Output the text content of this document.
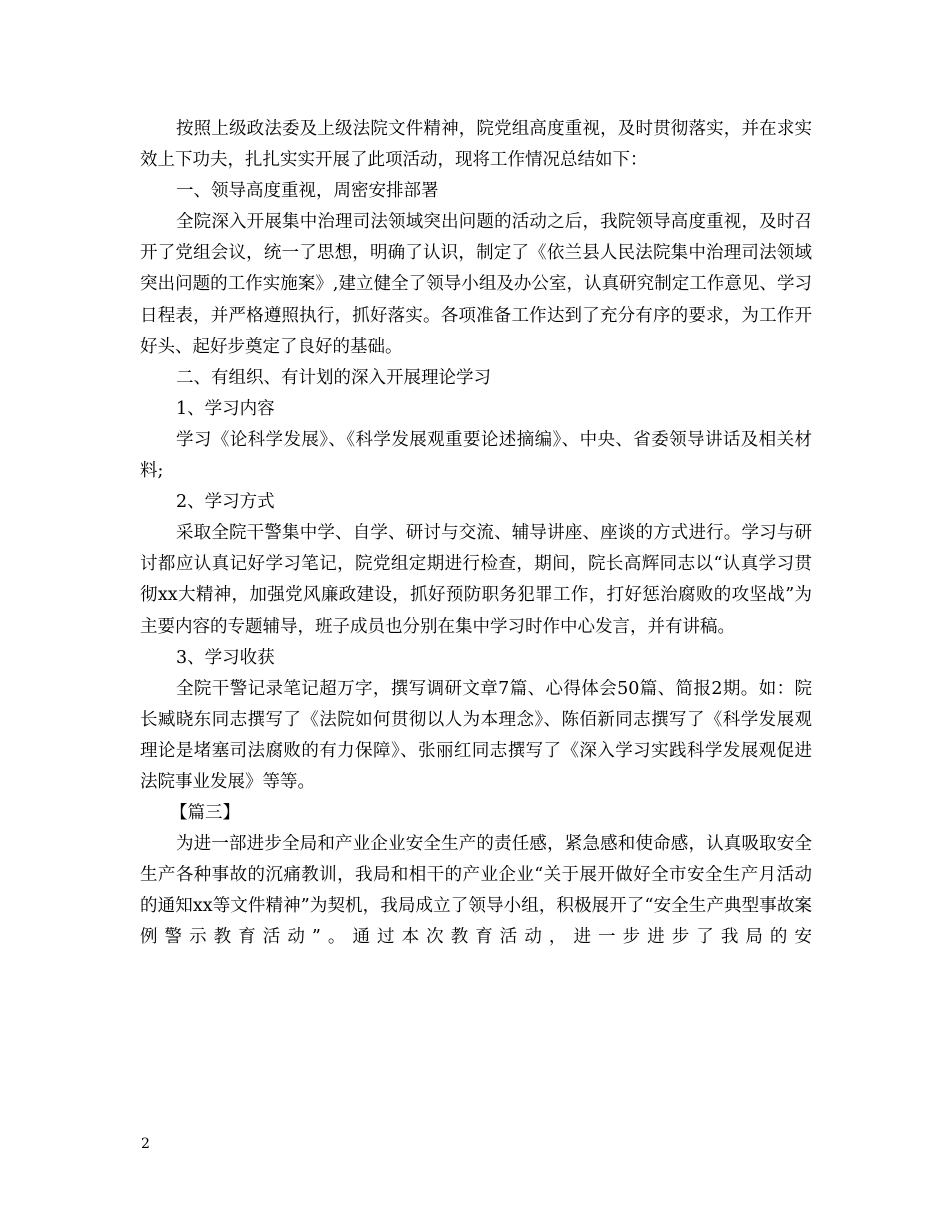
按照上级政法委及上级法院文件精神，院党组高度重视，及时贯彻落实，并在求实效上下功夫，扎扎实实开展了此项活动，现将工作情况总结如下：

一、领导高度重视，周密安排部署

全院深入开展集中治理司法领域突出问题的活动之后，我院领导高度重视，及时召开了党组会议，统一了思想，明确了认识，制定了《依兰县人民法院集中治理司法领域突出问题的工作实施案》,建立健全了领导小组及办公室，认真研究制定工作意见、学习日程表，并严格遵照执行，抓好落实。各项准备工作达到了充分有序的要求，为工作开好头、起好步奠定了良好的基础。

二、有组织、有计划的深入开展理论学习

1、学习内容

学习《论科学发展》、《科学发展观重要论述摘编》、中央、省委领导讲话及相关材料;

2、学习方式

采取全院干警集中学、自学、研讨与交流、辅导讲座、座谈的方式进行。学习与研讨都应认真记好学习笔记，院党组定期进行检查，期间，院长高辉同志以“认真学习贯彻xx大精神，加强党风廉政建设，抓好预防职务犯罪工作，打好惩治腐败的攻坚战”为主要内容的专题辅导，班子成员也分别在集中学习时作中心发言，并有讲稿。

3、学习收获

全院干警记录笔记超万字，撰写调研文章7篇、心得体会50篇、简报2期。如：院长臧晓东同志撰写了《法院如何贯彻以人为本理念》、陈佰新同志撰写了《科学发展观理论是堵塞司法腐败的有力保障》、张丽红同志撰写了《深入学习实践科学发展观促进法院事业发展》等等。

【篇三】

为进一部进步全局和产业企业安全生产的责任感，紧急感和使命感，认真吸取安全生产各种事故的沉痛教训，我局和相干的产业企业“关于展开做好全市安全生产月活动的通知xx等文件精神”为契机，我局成立了领导小组，积极展开了“安全生产典型事故案例警示教育活动”。通过本次教育活动，进一步进步了我局的安

2
